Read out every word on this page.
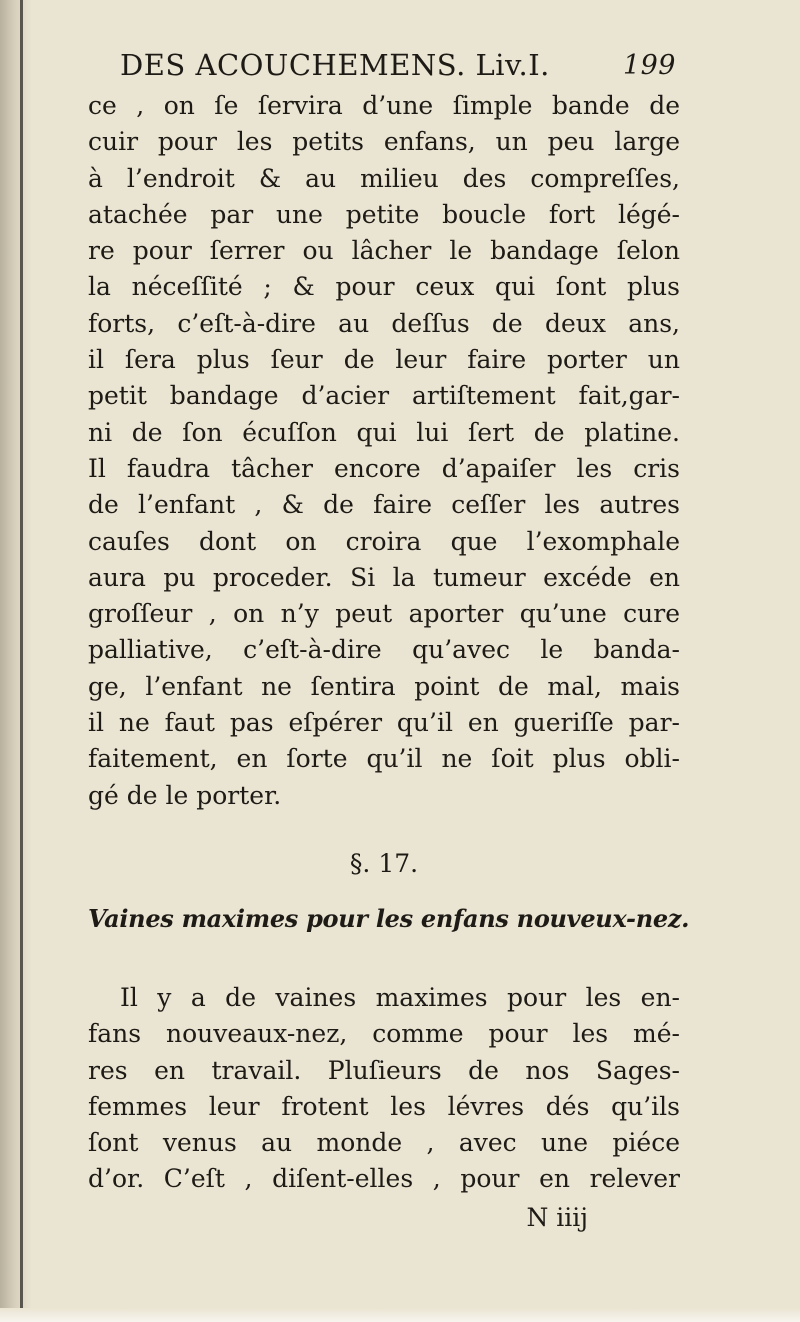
DES ACOUCHEMENS. Liv.I.	199
ce , on ſe ſervira d’une ſimple bande de
cuir pour les petits enfans, un peu large
à l’endroit & au milieu des compreſſes,
atachée par une petite boucle fort légé-
re pour ſerrer ou lâcher le bandage ſelon
la néceſſité ; & pour ceux qui ſont plus
forts, c’eſt-à-dire au deſſus de deux ans,
il ſera plus ſeur de leur faire porter un
petit bandage d’acier artiſtement fait,gar-
ni de ſon écuſſon qui lui ſert de platine.
Il faudra tâcher encore d’apaiſer les cris
de l’enfant , & de faire ceſſer les autres
cauſes dont on croira que l’exomphale
aura pu proceder. Si la tumeur excéde en
groſſeur , on n’y peut aporter qu’une cure
palliative, c’eſt-à-dire qu’avec le banda-
ge, l’enfant ne ſentira point de mal, mais
il ne faut pas eſpérer qu’il en gueriſſe par-
faitement, en ſorte qu’il ne ſoit plus obli-
gé de le porter.
§. 17.
Vaines maximes pour les enfans nouveux-nez.
Il y a de vaines maximes pour les en-
fans nouveaux-nez, comme pour les mé-
res en travail. Pluſieurs de nos Sages-
femmes leur frotent les lévres dés qu’ils
ſont venus au monde , avec une piéce
d’or. C’eſt , diſent-elles , pour en relever
N iiij
